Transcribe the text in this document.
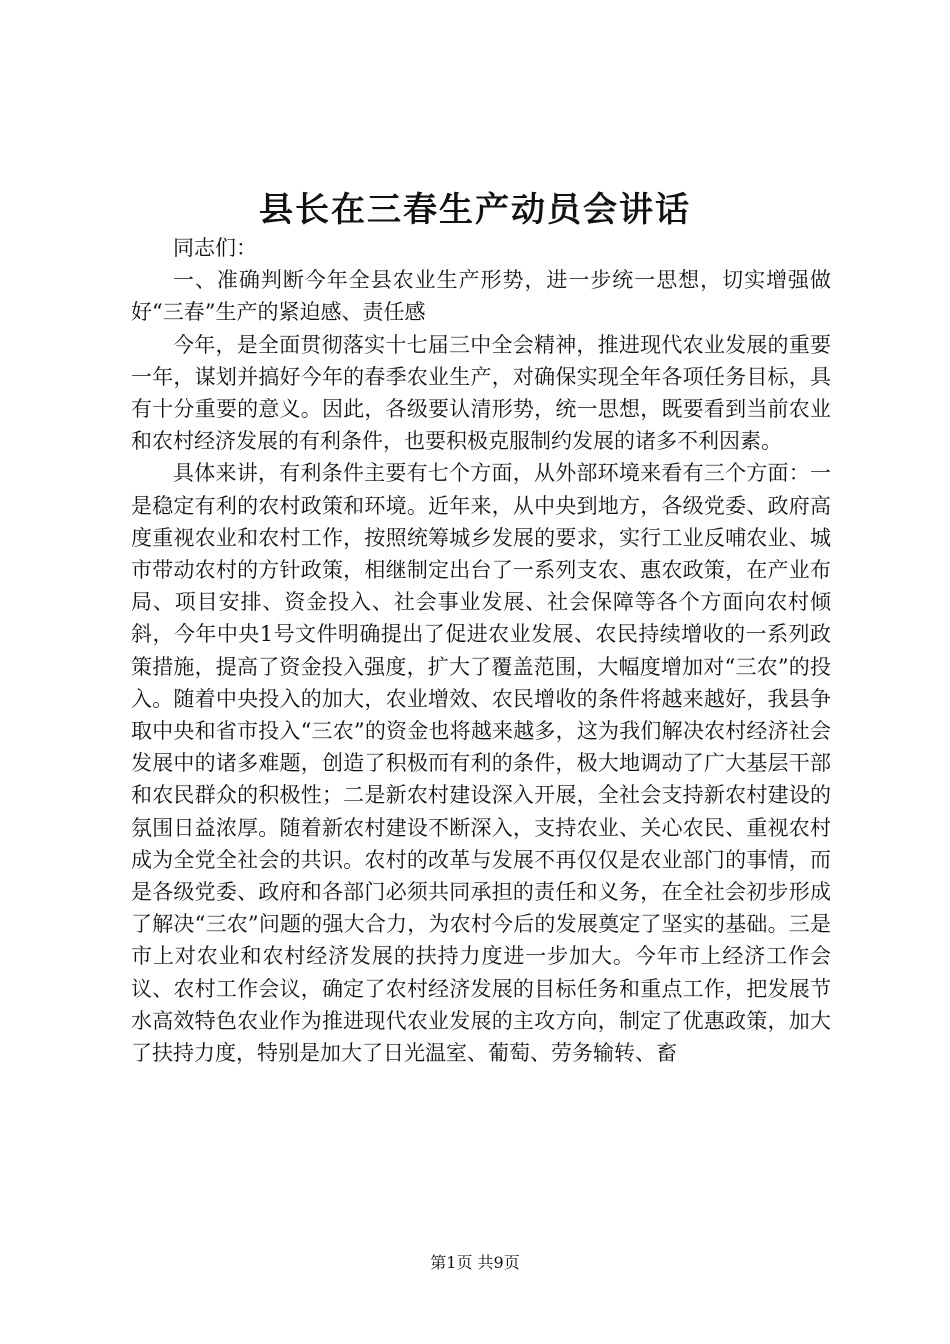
县长在三春生产动员会讲话

同志们：

一、准确判断今年全县农业生产形势，进一步统一思想，切实增强做好“三春”生产的紧迫感、责任感

今年，是全面贯彻落实十七届三中全会精神，推进现代农业发展的重要一年，谋划并搞好今年的春季农业生产，对确保实现全年各项任务目标，具有十分重要的意义。因此，各级要认清形势，统一思想，既要看到当前农业和农村经济发展的有利条件，也要积极克服制约发展的诸多不利因素。

具体来讲，有利条件主要有七个方面，从外部环境来看有三个方面：一是稳定有利的农村政策和环境。近年来，从中央到地方，各级党委、政府高度重视农业和农村工作，按照统筹城乡发展的要求，实行工业反哺农业、城市带动农村的方针政策，相继制定出台了一系列支农、惠农政策，在产业布局、项目安排、资金投入、社会事业发展、社会保障等各个方面向农村倾斜，今年中央1号文件明确提出了促进农业发展、农民持续增收的一系列政策措施，提高了资金投入强度，扩大了覆盖范围，大幅度增加对“三农”的投入。随着中央投入的加大，农业增效、农民增收的条件将越来越好，我县争取中央和省市投入“三农”的资金也将越来越多，这为我们解决农村经济社会发展中的诸多难题，创造了积极而有利的条件，极大地调动了广大基层干部和农民群众的积极性；二是新农村建设深入开展，全社会支持新农村建设的氛围日益浓厚。随着新农村建设不断深入，支持农业、关心农民、重视农村成为全党全社会的共识。农村的改革与发展不再仅仅是农业部门的事情，而是各级党委、政府和各部门必须共同承担的责任和义务，在全社会初步形成了解决“三农”问题的强大合力，为农村今后的发展奠定了坚实的基础。三是市上对农业和农村经济发展的扶持力度进一步加大。今年市上经济工作会议、农村工作会议，确定了农村经济发展的目标任务和重点工作，把发展节水高效特色农业作为推进现代农业发展的主攻方向，制定了优惠政策，加大了扶持力度，特别是加大了日光温室、葡萄、劳务输转、畜

第1页 共9页
